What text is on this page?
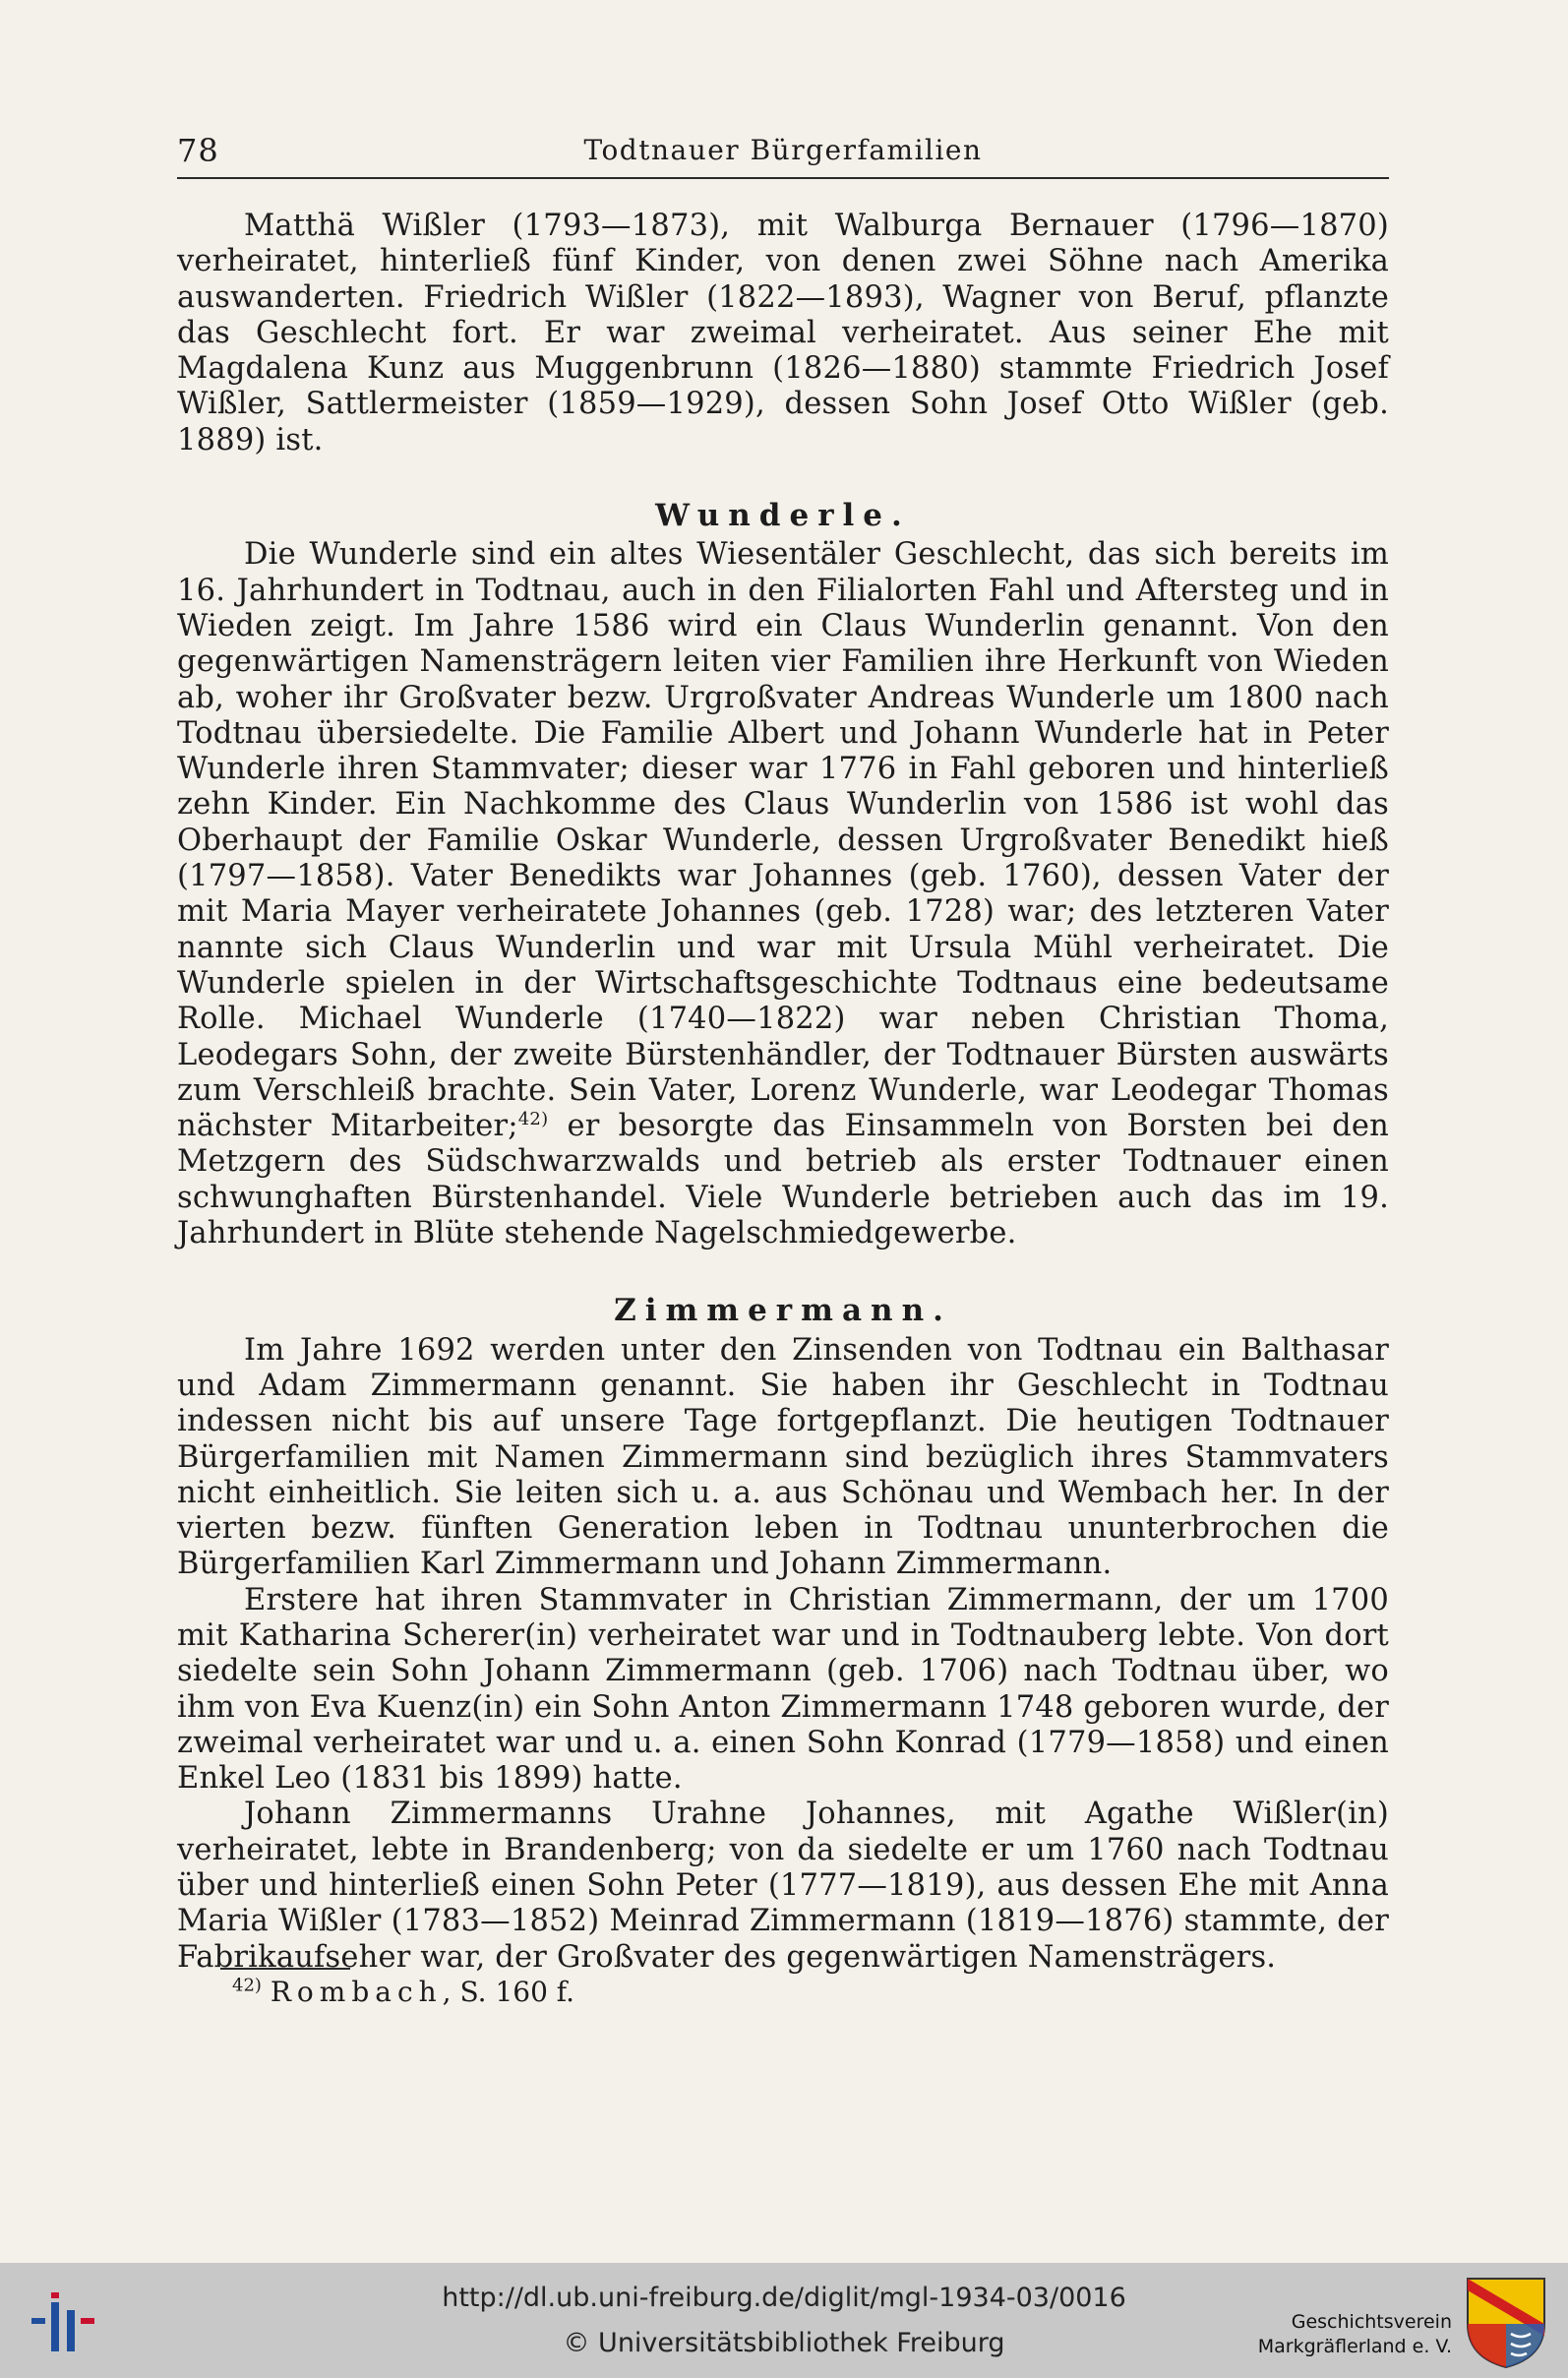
78	Todtnauer Bürgerfamilien

Matthä Wißler (1793—1873), mit Walburga Bernauer (1796—1870) verheiratet, hinterließ fünf Kinder, von denen zwei Söhne nach Amerika auswanderten. Friedrich Wißler (1822—1893), Wagner von Beruf, pflanzte das Geschlecht fort. Er war zweimal verheiratet. Aus seiner Ehe mit Magdalena Kunz aus Muggenbrunn (1826—1880) stammte Friedrich Josef Wißler, Sattlermeister (1859—1929), dessen Sohn Josef Otto Wißler (geb. 1889) ist.

Wunderle.

Die Wunderle sind ein altes Wiesentäler Geschlecht, das sich bereits im 16. Jahrhundert in Todtnau, auch in den Filialorten Fahl und Aftersteg und in Wieden zeigt. Im Jahre 1586 wird ein Claus Wunderlin genannt. Von den gegenwärtigen Namensträgern leiten vier Familien ihre Herkunft von Wieden ab, woher ihr Großvater bezw. Urgroßvater Andreas Wunderle um 1800 nach Todtnau übersiedelte. Die Familie Albert und Johann Wunderle hat in Peter Wunderle ihren Stammvater; dieser war 1776 in Fahl geboren und hinterließ zehn Kinder. Ein Nachkomme des Claus Wunderlin von 1586 ist wohl das Oberhaupt der Familie Oskar Wunderle, dessen Urgroßvater Benedikt hieß (1797—1858). Vater Benedikts war Johannes (geb. 1760), dessen Vater der mit Maria Mayer verheiratete Johannes (geb. 1728) war; des letzteren Vater nannte sich Claus Wunderlin und war mit Ursula Mühl verheiratet. Die Wunderle spielen in der Wirtschaftsgeschichte Todtnaus eine bedeutsame Rolle. Michael Wunderle (1740—1822) war neben Christian Thoma, Leodegars Sohn, der zweite Bürstenhändler, der Todtnauer Bürsten auswärts zum Verschleiß brachte. Sein Vater, Lorenz Wunderle, war Leodegar Thomas nächster Mitarbeiter;$^{42)}$ er besorgte das Einsammeln von Borsten bei den Metzgern des Südschwarzwalds und betrieb als erster Todtnauer einen schwunghaften Bürstenhandel. Viele Wunderle betrieben auch das im 19. Jahrhundert in Blüte stehende Nagelschmiedgewerbe.

Zimmermann.

Im Jahre 1692 werden unter den Zinsenden von Todtnau ein Balthasar und Adam Zimmermann genannt. Sie haben ihr Geschlecht in Todtnau indessen nicht bis auf unsere Tage fortgepflanzt. Die heutigen Todtnauer Bürgerfamilien mit Namen Zimmermann sind bezüglich ihres Stammvaters nicht einheitlich. Sie leiten sich u. a. aus Schönau und Wembach her. In der vierten bezw. fünften Generation leben in Todtnau ununterbrochen die Bürgerfamilien Karl Zimmermann und Johann Zimmermann.

Erstere hat ihren Stammvater in Christian Zimmermann, der um 1700 mit Katharina Scherer(in) verheiratet war und in Todtnauberg lebte. Von dort siedelte sein Sohn Johann Zimmermann (geb. 1706) nach Todtnau über, wo ihm von Eva Kuenz(in) ein Sohn Anton Zimmermann 1748 geboren wurde, der zweimal verheiratet war und u. a. einen Sohn Konrad (1779—1858) und einen Enkel Leo (1831 bis 1899) hatte.

Johann Zimmermanns Urahne Johannes, mit Agathe Wißler(in) verheiratet, lebte in Brandenberg; von da siedelte er um 1760 nach Todtnau über und hinterließ einen Sohn Peter (1777—1819), aus dessen Ehe mit Anna Maria Wißler (1783—1852) Meinrad Zimmermann (1819—1876) stammte, der Fabrikaufseher war, der Großvater des gegenwärtigen Namensträgers.

$^{42)}$ Rombach, S. 160 f.
http://dl.ub.uni-freiburg.de/diglit/mgl-1934-03/0016
© Universitätsbibliothek Freiburg
Geschichtsverein
Markgräflerland e. V.
